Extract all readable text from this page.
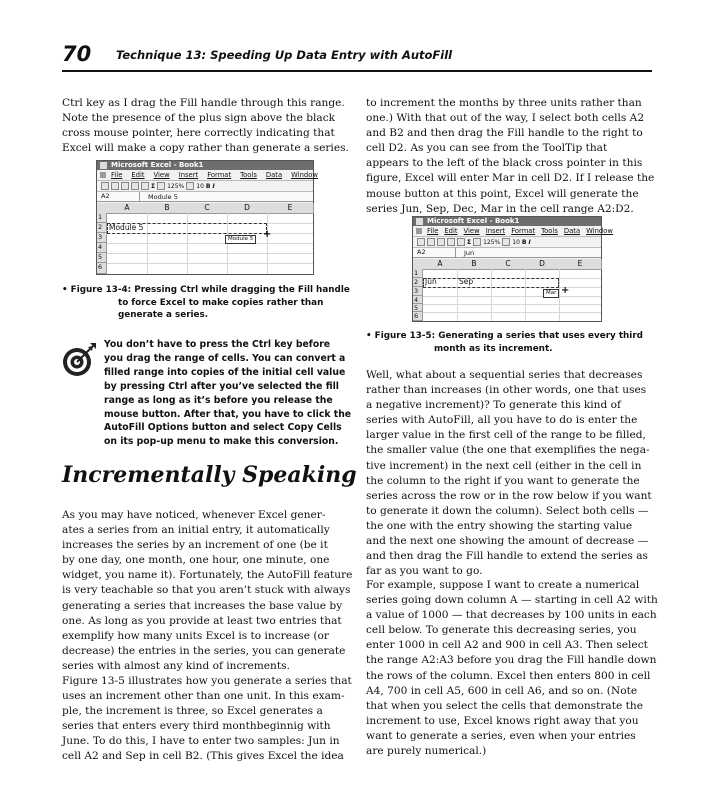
70 Technique 13: Speeding Up Data Entry with AutoFill
Ctrl key as I drag the Fill handle through this range.
Note the presence of the plus sign above the black
cross mouse pointer, here correctly indicating that
Excel will make a copy rather than generate a series.
Microsoft Excel - Book1
File Edit View Insert Format Tools Data Window
Σ 125% 10 B I
A2	Module 5
A	B	C	D	E
1
2
3
4
5
6
Module 5
Module 5 +
• Figure 13-4: Pressing Ctrl while dragging the Fill handle
to force Excel to make copies rather than
generate a series.
You don’t have to press the Ctrl key before
you drag the range of cells. You can convert a
filled range into copies of the initial cell value
by pressing Ctrl after you’ve selected the fill
range as long as it’s before you release the
mouse button. After that, you have to click the
AutoFill Options button and select Copy Cells
on its pop-up menu to make this conversion.
Incrementally Speaking
As you may have noticed, whenever Excel gener-
ates a series from an initial entry, it automatically
increases the series by an increment of one (be it
by one day, one month, one hour, one minute, one
widget, you name it). Fortunately, the AutoFill feature
is very teachable so that you aren’t stuck with always
generating a series that increases the base value by
one. As long as you provide at least two entries that
exemplify how many units Excel is to increase (or
decrease) the entries in the series, you can generate
series with almost any kind of increments.
Figure 13-5 illustrates how you generate a series that
uses an increment other than one unit. In this exam-
ple, the increment is three, so Excel generates a
series that enters every third monthbeginnig with
June. To do this, I have to enter two samples: Jun in
cell A2 and Sep in cell B2. (This gives Excel the idea
to increment the months by three units rather than
one.) With that out of the way, I select both cells A2
and B2 and then drag the Fill handle to the right to
cell D2. As you can see from the ToolTip that
appears to the left of the black cross pointer in this
figure, Excel will enter Mar in cell D2. If I release the
mouse button at this point, Excel will generate the
series Jun, Sep, Dec, Mar in the cell range A2:D2.
Microsoft Excel - Book1
File Edit View Insert Format Tools Data Window
Σ 125% 10 B I
A2	Jun
A	B	C	D	E
1
2
3
4
5
6
Jun	Sep
Mar +
• Figure 13-5: Generating a series that uses every third
month as its increment.
Well, what about a sequential series that decreases
rather than increases (in other words, one that uses
a negative increment)? To generate this kind of
series with AutoFill, all you have to do is enter the
larger value in the first cell of the range to be filled,
the smaller value (the one that exemplifies the nega-
tive increment) in the next cell (either in the cell in
the column to the right if you want to generate the
series across the row or in the row below if you want
to generate it down the column). Select both cells —
the one with the entry showing the starting value
and the next one showing the amount of decrease —
and then drag the Fill handle to extend the series as
far as you want to go.
For example, suppose I want to create a numerical
series going down column A — starting in cell A2 with
a value of 1000 — that decreases by 100 units in each
cell below. To generate this decreasing series, you
enter 1000 in cell A2 and 900 in cell A3. Then select
the range A2:A3 before you drag the Fill handle down
the rows of the column. Excel then enters 800 in cell
A4, 700 in cell A5, 600 in cell A6, and so on. (Note
that when you select the cells that demonstrate the
increment to use, Excel knows right away that you
want to generate a series, even when your entries
are purely numerical.)
